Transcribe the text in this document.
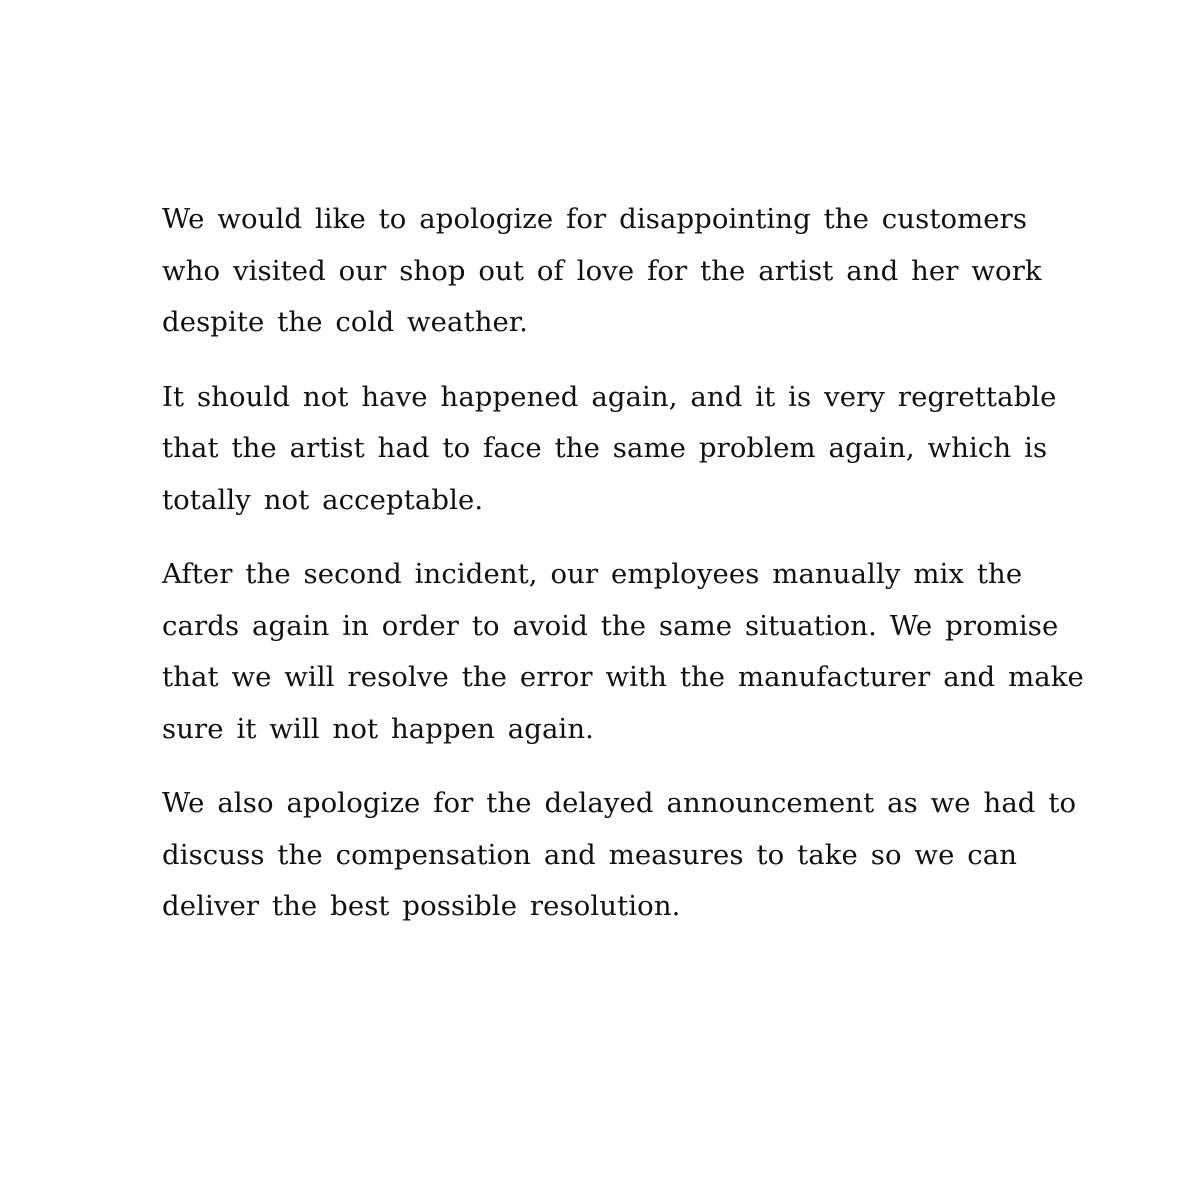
We would like to apologize for disappointing the customers
who visited our shop out of love for the artist and her work
despite the cold weather.

It should not have happened again, and it is very regrettable
that the artist had to face the same problem again, which is
totally not acceptable.

After the second incident, our employees manually mix the
cards again in order to avoid the same situation. We promise
that we will resolve the error with the manufacturer and make
sure it will not happen again.

We also apologize for the delayed announcement as we had to
discuss the compensation and measures to take so we can
deliver the best possible resolution.
